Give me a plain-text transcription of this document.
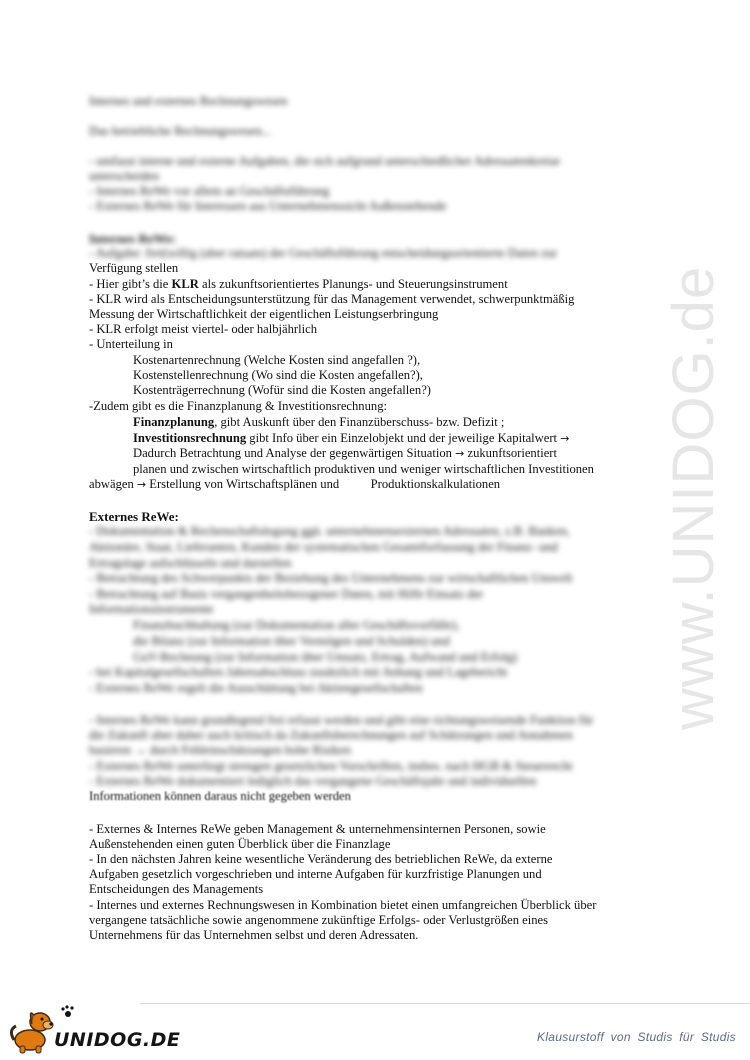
www.UNIDOG.de
Internes und externes Rechnungswesen
Das betriebliche Rechnungswesen...
- umfasst interne und externe Aufgaben, die sich aufgrund unterschiedlicher Adressatenkreise
unterscheiden
- Internes ReWe vor allem an Geschäftsführung
- Externes ReWe für Interessen aus Unternehmenssicht Außenstehende
Internes ReWe:
- Aufgabe: frei(willig (aber ratsam) der Geschäftsführung entscheidungsorientierte Daten zur
Verfügung stellen
- Hier gibt’s die KLR als zukunftsorientiertes Planungs- und Steuerungsinstrument
- KLR wird als Entscheidungsunterstützung für das Management verwendet, schwerpunktmäßig
Messung der Wirtschaftlichkeit der eigentlichen Leistungserbringung
- KLR erfolgt meist viertel- oder halbjährlich
- Unterteilung in
Kostenartenrechnung (Welche Kosten sind angefallen ?),
Kostenstellenrechnung (Wo sind die Kosten angefallen?),
Kostenträgerrechnung (Wofür sind die Kosten angefallen?)
-Zudem gibt es die Finanzplanung & Investitionsrechnung:
Finanzplanung, gibt Auskunft über den Finanzüberschuss- bzw. Defizit ;
Investitionsrechnung gibt Info über ein Einzelobjekt und der jeweilige Kapitalwert →
Dadurch Betrachtung und Analyse der gegenwärtigen Situation → zukunftsorientiert
planen und zwischen wirtschaftlich produktiven und weniger wirtschaftlichen Investitionen
abwägen → Erstellung von Wirtschaftsplänen und          Produktionskalkulationen
Externes ReWe:
- Dokumentation & Rechenschaftslegung ggü. unternehmensexternen Adressaten, z.B. Banken,
Aktionäre, Staat, Lieferanten, Kunden der systematischen Gesamtforfassung der Finanz- und
Ertragslage aufschlüsseln und darstellen
- Betrachtung des Schwerpunkts der Beziehung des Unternehmens zur wirtschaftlichen Umwelt
- Betrachtung auf Basis vergangenheitsbezogener Daten, mit Hilfe Einsatz der
Informationsinstrumente
Finanzbuchhaltung (zur Dokumentation aller Geschäftsvorfälle),
die Bilanz (zur Information über Vermögen und Schulden) und
GuV-Rechnung (zur Information über Umsatz, Ertrag, Aufwand und Erfolg)
- bei Kapitalgesellschaften Jahresabschluss zusätzlich mit Anhang und Lagebericht
- Externes ReWe regelt die Ausschüttung bei Aktiengesellschaften
- Internes ReWe kann grundlegend frei erfasst werden und gibt eine richtungsweisende Funktion für
die Zukunft aber daher auch kritisch da Zukunftsberechnungen auf Schätzungen und Annahmen
basieren → durch Fehleinschätzungen hohe Risiken
- Externes ReWe unterliegt strengen gesetzlichen Vorschriften, insbes. nach HGB & Steuerrecht
- Externes ReWe dokumentiert lediglich das vergangene Geschäftsjahr und individuellen
Informationen können daraus nicht gegeben werden
- Externes & Internes ReWe geben Management & unternehmensinternen Personen, sowie
Außenstehenden einen guten Überblick über die Finanzlage
- In den nächsten Jahren keine wesentliche Veränderung des betrieblichen ReWe, da externe
Aufgaben gesetzlich vorgeschrieben und interne Aufgaben für kurzfristige Planungen und
Entscheidungen des Managements
- Internes und externes Rechnungswesen in Kombination bietet einen umfangreichen Überblick über
vergangene tatsächliche sowie angenommene zukünftige Erfolgs- oder Verlustgrößen eines
Unternehmens für das Unternehmen selbst und deren Adressaten.
UNIDOG.DE	Klausurstoff von Studis für Studis
